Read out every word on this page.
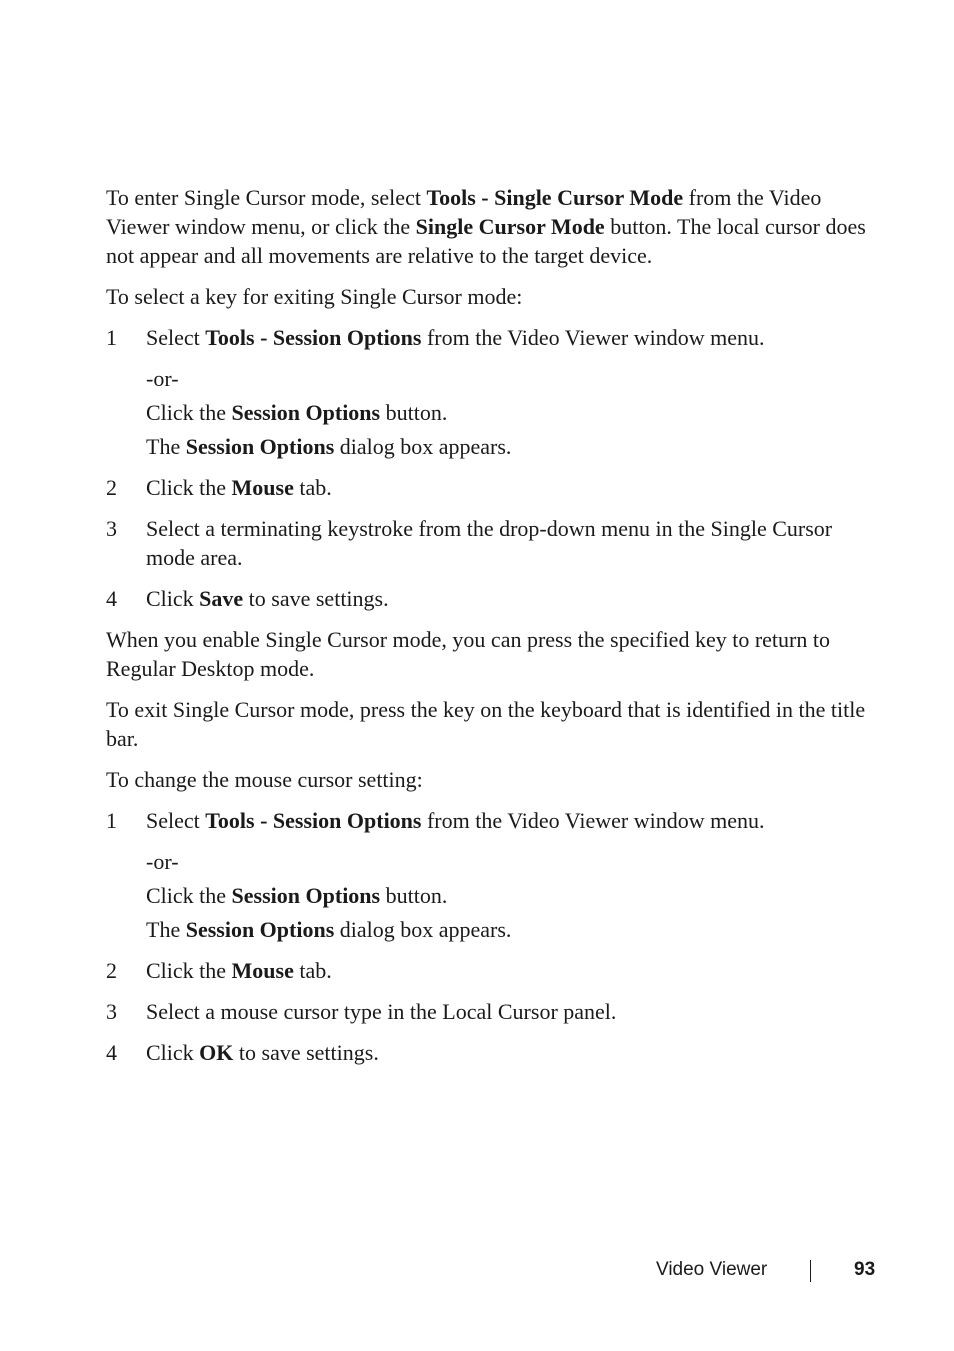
To enter Single Cursor mode, select Tools - Single Cursor Mode from the Video Viewer window menu, or click the Single Cursor Mode button. The local cursor does not appear and all movements are relative to the target device.

To select a key for exiting Single Cursor mode:

1 Select Tools - Session Options from the Video Viewer window menu.
-or-
Click the Session Options button.
The Session Options dialog box appears.
2 Click the Mouse tab.
3 Select a terminating keystroke from the drop-down menu in the Single Cursor mode area.
4 Click Save to save settings.

When you enable Single Cursor mode, you can press the specified key to return to Regular Desktop mode.

To exit Single Cursor mode, press the key on the keyboard that is identified in the title bar.

To change the mouse cursor setting:

1 Select Tools - Session Options from the Video Viewer window menu.
-or-
Click the Session Options button.
The Session Options dialog box appears.
2 Click the Mouse tab.
3 Select a mouse cursor type in the Local Cursor panel.
4 Click OK to save settings.
Video Viewer	93
